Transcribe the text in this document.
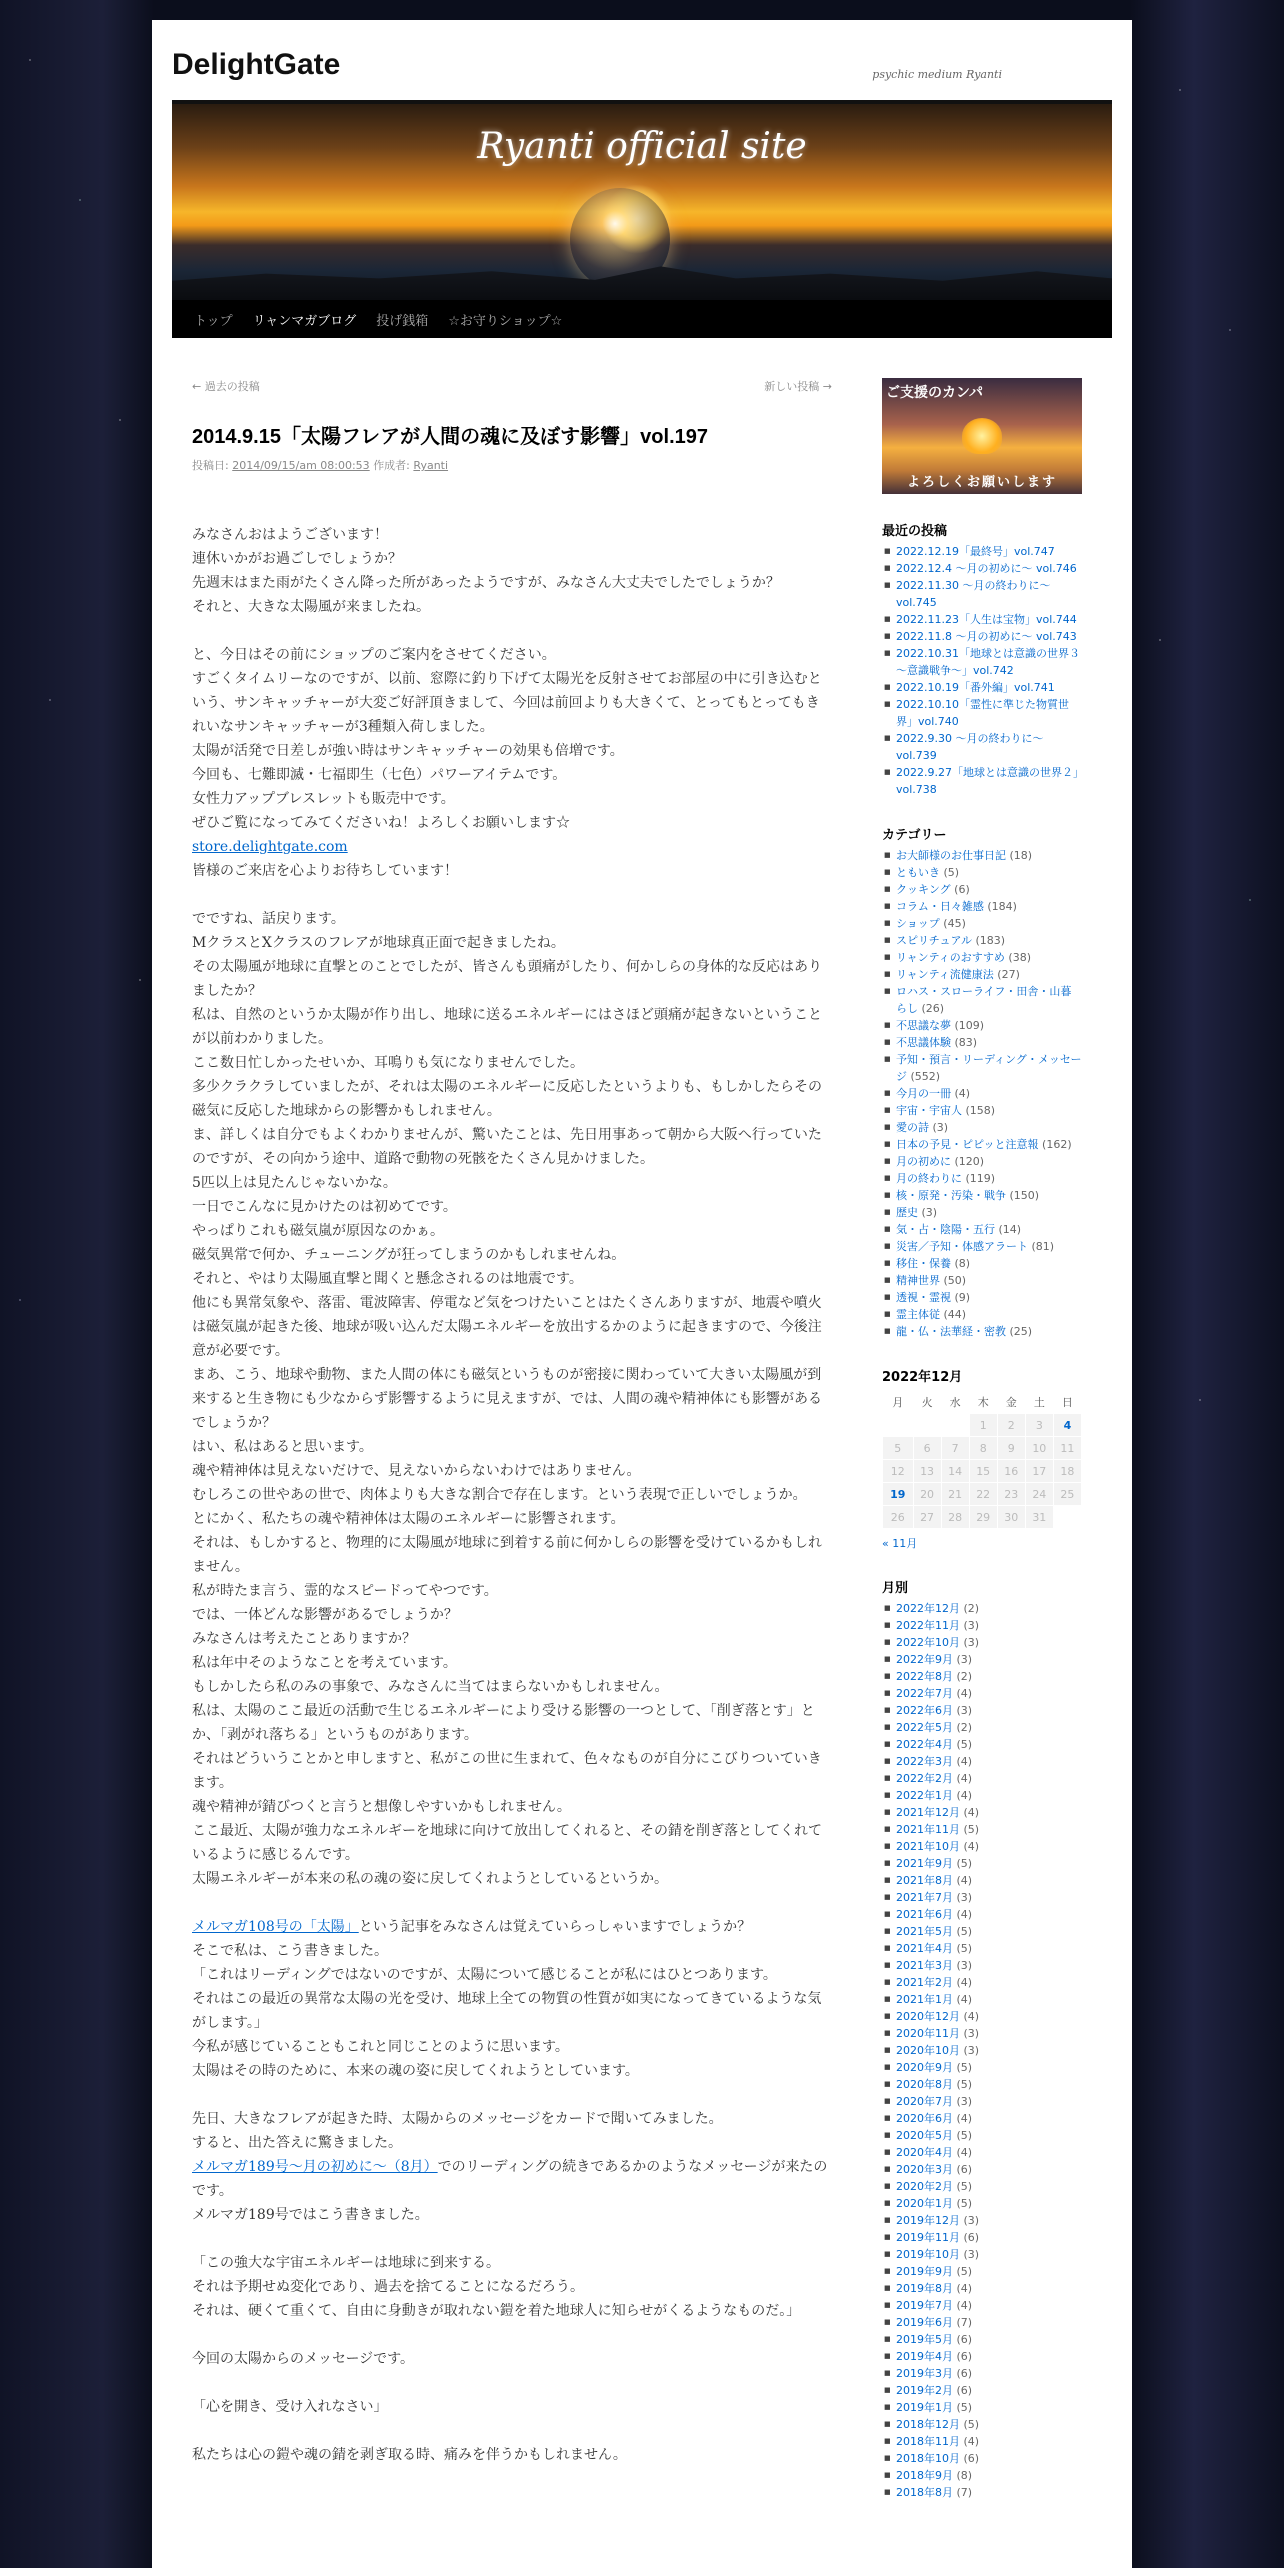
DelightGate	psychic medium Ryanti
Ryanti official site
トップ	リャンマガブログ	投げ銭箱	☆お守りショップ☆
← 過去の投稿	新しい投稿 →
2014.9.15「太陽フレアが人間の魂に及ぼす影響」vol.197
投稿日: 2014/09/15/am 08:00:53 作成者: Ryanti

みなさんおはようございます！

連休いかがお過ごしでしょうか？

先週末はまた雨がたくさん降った所があったようですが、みなさん大丈夫でしたでしょうか？

それと、大きな太陽風が来ましたね。

と、今日はその前にショップのご案内をさせてください。

すごくタイムリーなのですが、以前、窓際に釣り下げて太陽光を反射させてお部屋の中に引き込むという、サンキャッチャーが大変ご好評頂きまして、今回は前回よりも大きくて、とってもとってもきれいなサンキャッチャーが3種類入荷しました。

太陽が活発で日差しが強い時はサンキャッチャーの効果も倍増です。

今回も、七難即滅・七福即生（七色）パワーアイテムです。

女性力アップブレスレットも販売中です。

ぜひご覧になってみてくださいね！よろしくお願いします☆

store.delightgate.com

皆様のご来店を心よりお待ちしています！

でですね、話戻ります。

MクラスとXクラスのフレアが地球真正面で起きましたね。

その太陽風が地球に直撃とのことでしたが、皆さんも頭痛がしたり、何かしらの身体的な反応はありましたか？

私は、自然のというか太陽が作り出し、地球に送るエネルギーにはさほど頭痛が起きないということが以前わかりました。

ここ数日忙しかったせいか、耳鳴りも気になりませんでした。

多少クラクラしていましたが、それは太陽のエネルギーに反応したというよりも、もしかしたらその磁気に反応した地球からの影響かもしれません。

ま、詳しくは自分でもよくわかりませんが、驚いたことは、先日用事あって朝から大阪へ行っていたのですが、その向かう途中、道路で動物の死骸をたくさん見かけました。

5匹以上は見たんじゃないかな。

一日でこんなに見かけたのは初めてです。

やっぱりこれも磁気嵐が原因なのかぁ。

磁気異常で何か、チューニングが狂ってしまうのかもしれませんね。

それと、やはり太陽風直撃と聞くと懸念されるのは地震です。

他にも異常気象や、落雷、電波障害、停電など気をつけたいことはたくさんありますが、地震や噴火は磁気嵐が起きた後、地球が吸い込んだ太陽エネルギーを放出するかのように起きますので、今後注意が必要です。

まあ、こう、地球や動物、また人間の体にも磁気というものが密接に関わっていて大きい太陽風が到来すると生き物にも少なからず影響するように見えますが、では、人間の魂や精神体にも影響があるでしょうか？

はい、私はあると思います。

魂や精神体は見えないだけで、見えないからないわけではありません。

むしろこの世やあの世で、肉体よりも大きな割合で存在します。という表現で正しいでしょうか。

とにかく、私たちの魂や精神体は太陽のエネルギーに影響されます。

それは、もしかすると、物理的に太陽風が地球に到着する前に何かしらの影響を受けているかもしれません。

私が時たま言う、霊的なスピードってやつです。

では、一体どんな影響があるでしょうか？

みなさんは考えたことありますか？

私は年中そのようなことを考えています。

もしかしたら私のみの事象で、みなさんに当てはまらないかもしれません。

私は、太陽のここ最近の活動で生じるエネルギーにより受ける影響の一つとして、「削ぎ落とす」とか、「剥がれ落ちる」というものがあります。

それはどういうことかと申しますと、私がこの世に生まれて、色々なものが自分にこびりついていきます。

魂や精神が錆びつくと言うと想像しやすいかもしれません。

ここ最近、太陽が強力なエネルギーを地球に向けて放出してくれると、その錆を削ぎ落としてくれているように感じるんです。

太陽エネルギーが本来の私の魂の姿に戻してくれようとしているというか。

メルマガ108号の「太陽」という記事をみなさんは覚えていらっしゃいますでしょうか？

そこで私は、こう書きました。

「これはリーディングではないのですが、太陽について感じることが私にはひとつあります。

それはこの最近の異常な太陽の光を受け、地球上全ての物質の性質が如実になってきているような気がします。」

今私が感じていることもこれと同じことのように思います。

太陽はその時のために、本来の魂の姿に戻してくれようとしています。

先日、大きなフレアが起きた時、太陽からのメッセージをカードで聞いてみました。

すると、出た答えに驚きました。

メルマガ189号〜月の初めに〜（8月）でのリーディングの続きであるかのようなメッセージが来たのです。

メルマガ189号ではこう書きました。

「この強大な宇宙エネルギーは地球に到来する。

それは予期せぬ変化であり、過去を捨てることになるだろう。

それは、硬くて重くて、自由に身動きが取れない鎧を着た地球人に知らせがくるようなものだ。」

今回の太陽からのメッセージです。

「心を開き、受け入れなさい」

私たちは心の鎧や魂の錆を剥ぎ取る時、痛みを伴うかもしれません。

ご支援のカンパ
よろしくお願いします
最近の投稿
■ 2022.12.19「最終号」vol.747
■ 2022.12.4 ～月の初めに～ vol.746
■ 2022.11.30 ～月の終わりに～ vol.745
■ 2022.11.23「人生は宝物」vol.744
■ 2022.11.8 ～月の初めに～ vol.743
■ 2022.10.31「地球とは意識の世界３～意識戦争～」vol.742
■ 2022.10.19「番外編」vol.741
■ 2022.10.10「霊性に準じた物質世界」vol.740
■ 2022.9.30 ～月の終わりに～ vol.739
■ 2022.9.27「地球とは意識の世界２」vol.738
カテゴリー
■ お大師様のお仕事日記 (18)
■ ともいき (5)
■ クッキング (6)
■ コラム・日々雑感 (184)
■ ショップ (45)
■ スピリチュアル (183)
■ リャンティのおすすめ (38)
■ リャンティ流健康法 (27)
■ ロハス・スローライフ・田舎・山暮らし (26)
■ 不思議な夢 (109)
■ 不思議体験 (83)
■ 予知・預言・リーディング・メッセージ (552)
■ 今月の一冊 (4)
■ 宇宙・宇宙人 (158)
■ 愛の詩 (3)
■ 日本の予見・ピピッと注意報 (162)
■ 月の初めに (120)
■ 月の終わりに (119)
■ 核・原発・汚染・戦争 (150)
■ 歴史 (3)
■ 気・占・陰陽・五行 (14)
■ 災害／予知・体感アラート (81)
■ 移住・保養 (8)
■ 精神世界 (50)
■ 透視・霊視 (9)
■ 霊主体従 (44)
■ 龍・仏・法華経・密教 (25)
2022年12月
月	火	水	木	金	土	日
			1	2	3	4
5	6	7	8	9	10	11
12	13	14	15	16	17	18
19	20	21	22	23	24	25
26	27	28	29	30	31	
« 11月
月別
■ 2022年12月 (2)
■ 2022年11月 (3)
■ 2022年10月 (3)
■ 2022年9月 (3)
■ 2022年8月 (2)
■ 2022年7月 (4)
■ 2022年6月 (3)
■ 2022年5月 (2)
■ 2022年4月 (5)
■ 2022年3月 (4)
■ 2022年2月 (4)
■ 2022年1月 (4)
■ 2021年12月 (4)
■ 2021年11月 (5)
■ 2021年10月 (4)
■ 2021年9月 (5)
■ 2021年8月 (4)
■ 2021年7月 (3)
■ 2021年6月 (4)
■ 2021年5月 (5)
■ 2021年4月 (5)
■ 2021年3月 (3)
■ 2021年2月 (4)
■ 2021年1月 (4)
■ 2020年12月 (4)
■ 2020年11月 (3)
■ 2020年10月 (3)
■ 2020年9月 (5)
■ 2020年8月 (5)
■ 2020年7月 (3)
■ 2020年6月 (4)
■ 2020年5月 (5)
■ 2020年4月 (4)
■ 2020年3月 (6)
■ 2020年2月 (5)
■ 2020年1月 (5)
■ 2019年12月 (3)
■ 2019年11月 (6)
■ 2019年10月 (3)
■ 2019年9月 (5)
■ 2019年8月 (4)
■ 2019年7月 (4)
■ 2019年6月 (7)
■ 2019年5月 (6)
■ 2019年4月 (6)
■ 2019年3月 (6)
■ 2019年2月 (6)
■ 2019年1月 (5)
■ 2018年12月 (5)
■ 2018年11月 (4)
■ 2018年10月 (6)
■ 2018年9月 (8)
■ 2018年8月 (7)
